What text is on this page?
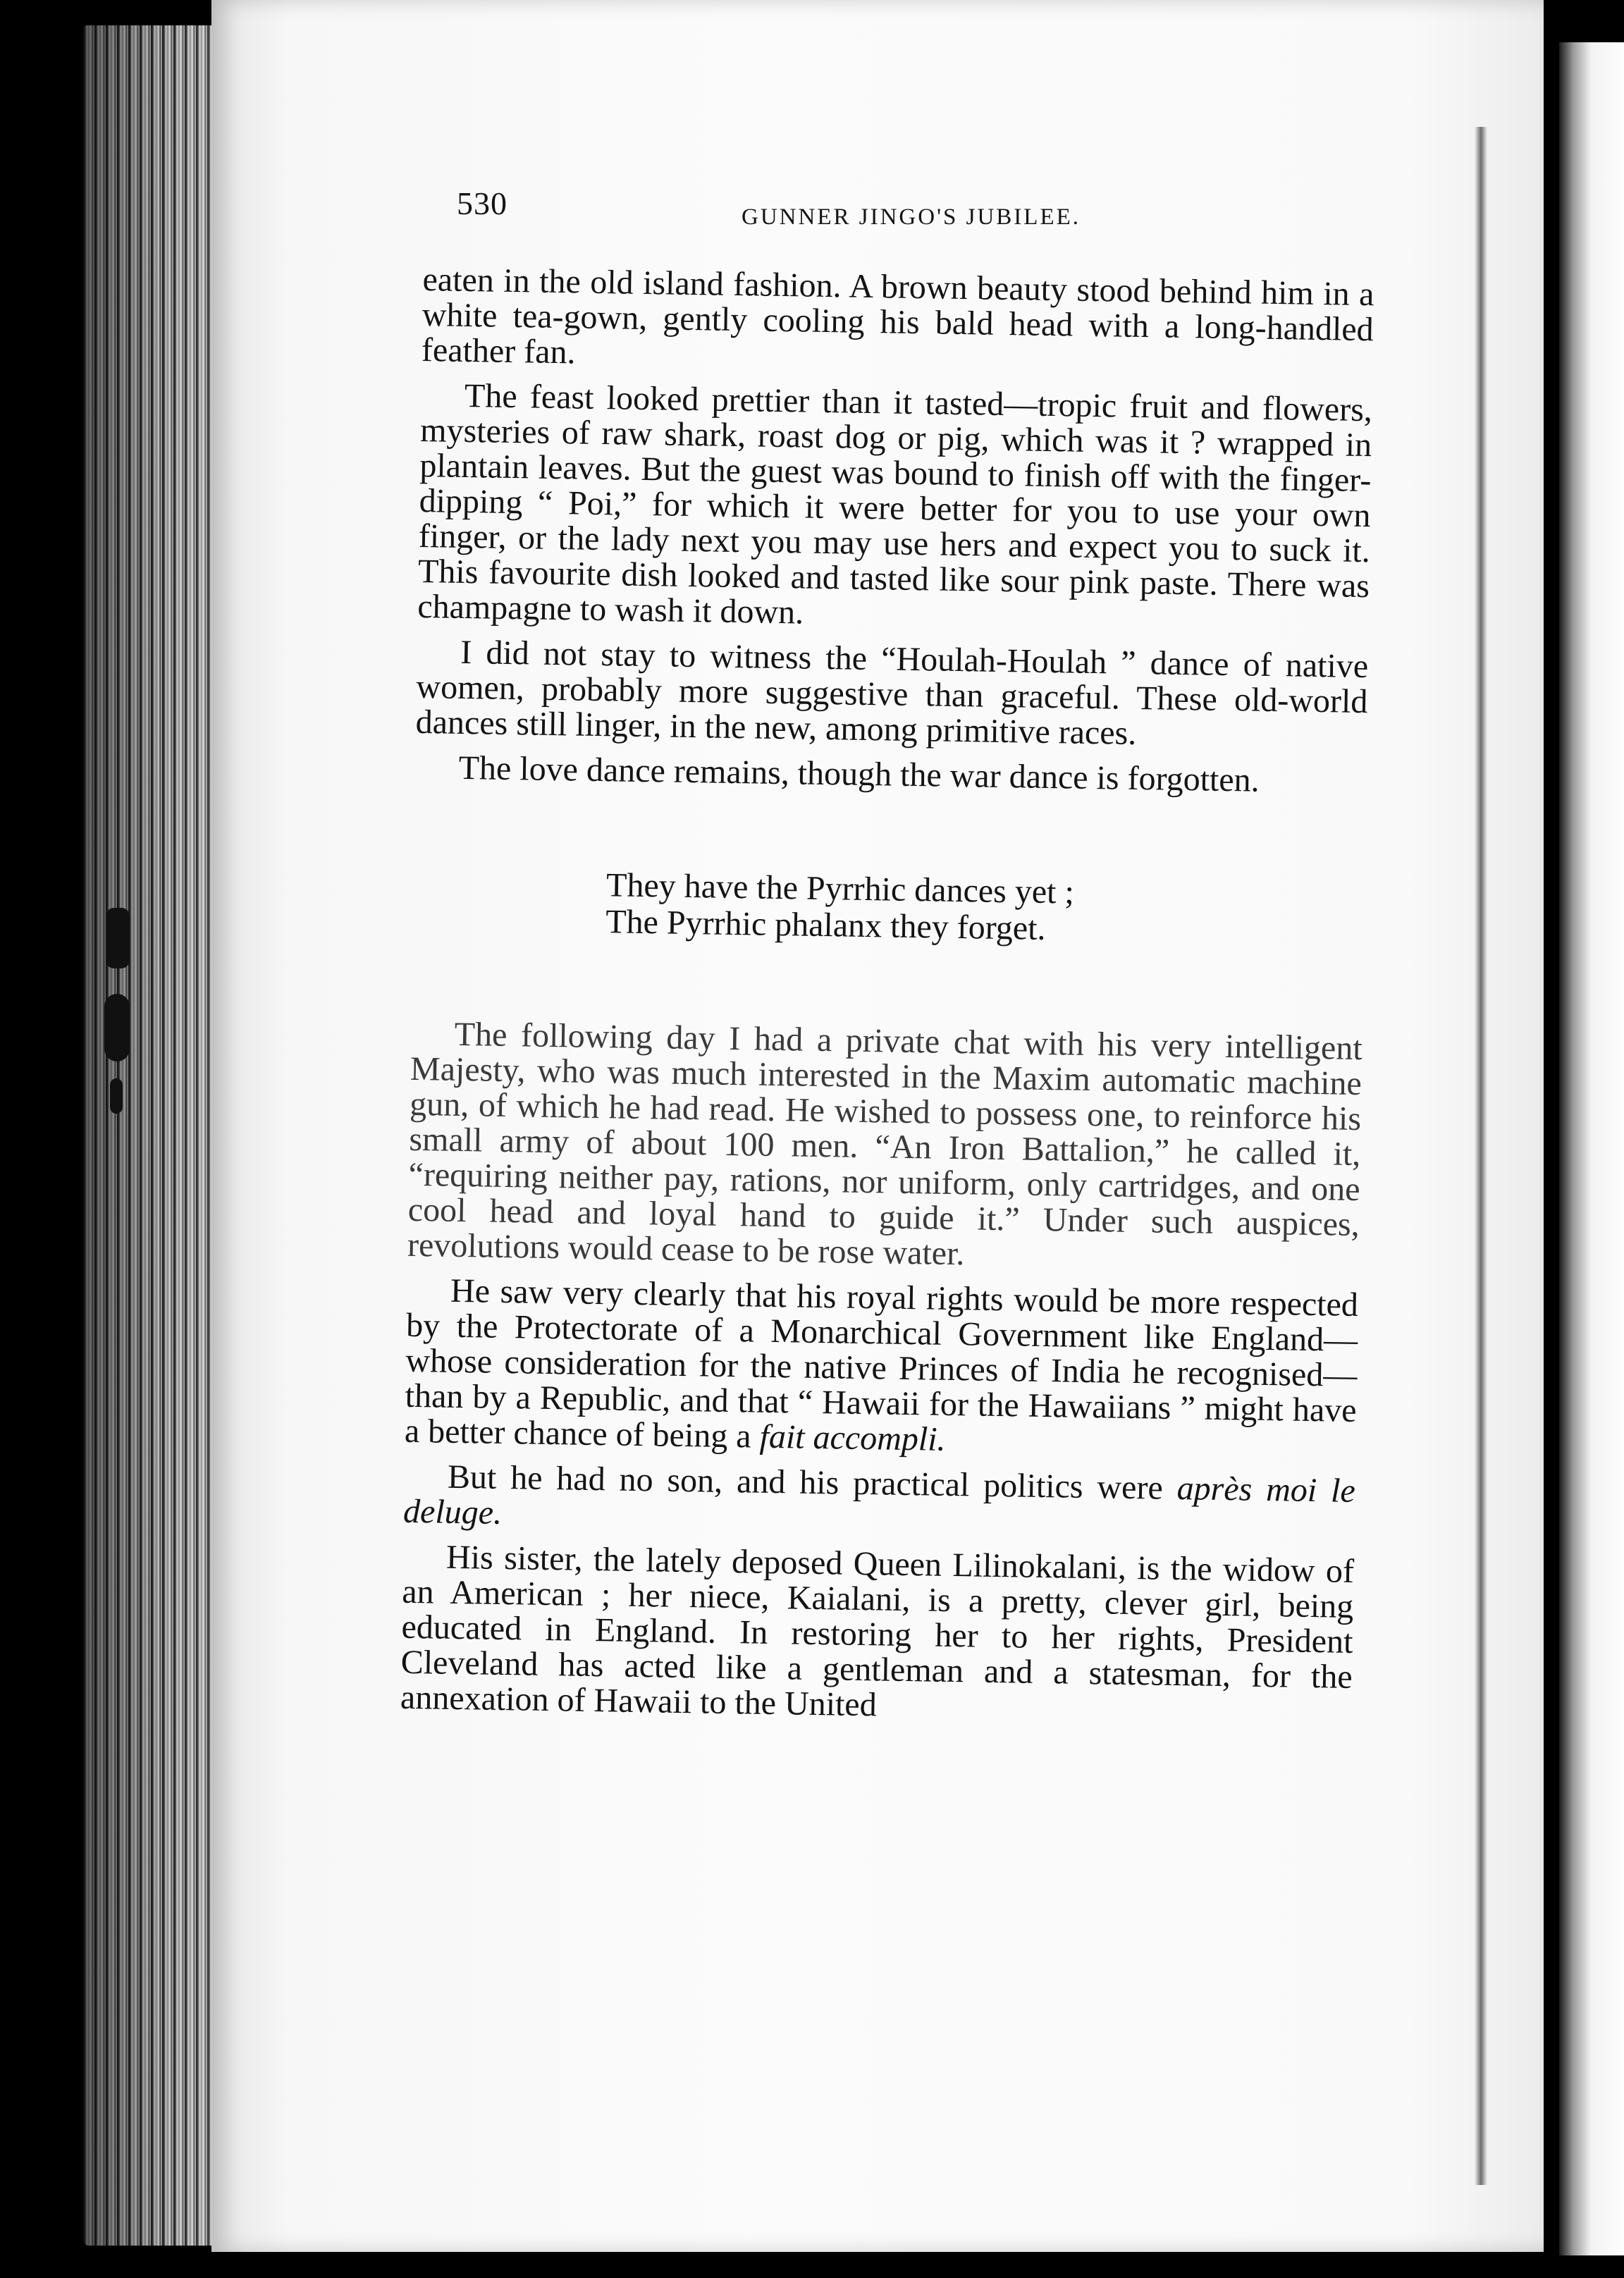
530	GUNNER JINGO'S JUBILEE.

eaten in the old island fashion. A brown beauty stood behind him in a white tea-gown, gently cooling his bald head with a long-handled feather fan.

The feast looked prettier than it tasted—tropic fruit and flowers, mysteries of raw shark, roast dog or pig, which was it ? wrapped in plantain leaves. But the guest was bound to finish off with the finger-dipping “ Poi,” for which it were better for you to use your own finger, or the lady next you may use hers and expect you to suck it. This favourite dish looked and tasted like sour pink paste. There was champagne to wash it down.

I did not stay to witness the “Houlah-Houlah ” dance of native women, probably more suggestive than graceful. These old-world dances still linger, in the new, among primitive races.

The love dance remains, though the war dance is forgotten.

They have the Pyrrhic dances yet ;
The Pyrrhic phalanx they forget.

The following day I had a private chat with his very intelligent Majesty, who was much interested in the Maxim automatic machine gun, of which he had read. He wished to possess one, to reinforce his small army of about 100 men. “An Iron Battalion,” he called it, “requiring neither pay, rations, nor uniform, only cartridges, and one cool head and loyal hand to guide it.” Under such auspices, revolutions would cease to be rose water.

He saw very clearly that his royal rights would be more respected by the Protectorate of a Monarchical Government like England—whose consideration for the native Princes of India he recognised—than by a Republic, and that “ Hawaii for the Hawaiians ” might have a better chance of being a fait accompli.

But he had no son, and his practical politics were après moi le deluge.

His sister, the lately deposed Queen Lilinokalani, is the widow of an American ; her niece, Kaialani, is a pretty, clever girl, being educated in England. In restoring her to her rights, President Cleveland has acted like a gentleman and a statesman, for the annexation of Hawaii to the United
